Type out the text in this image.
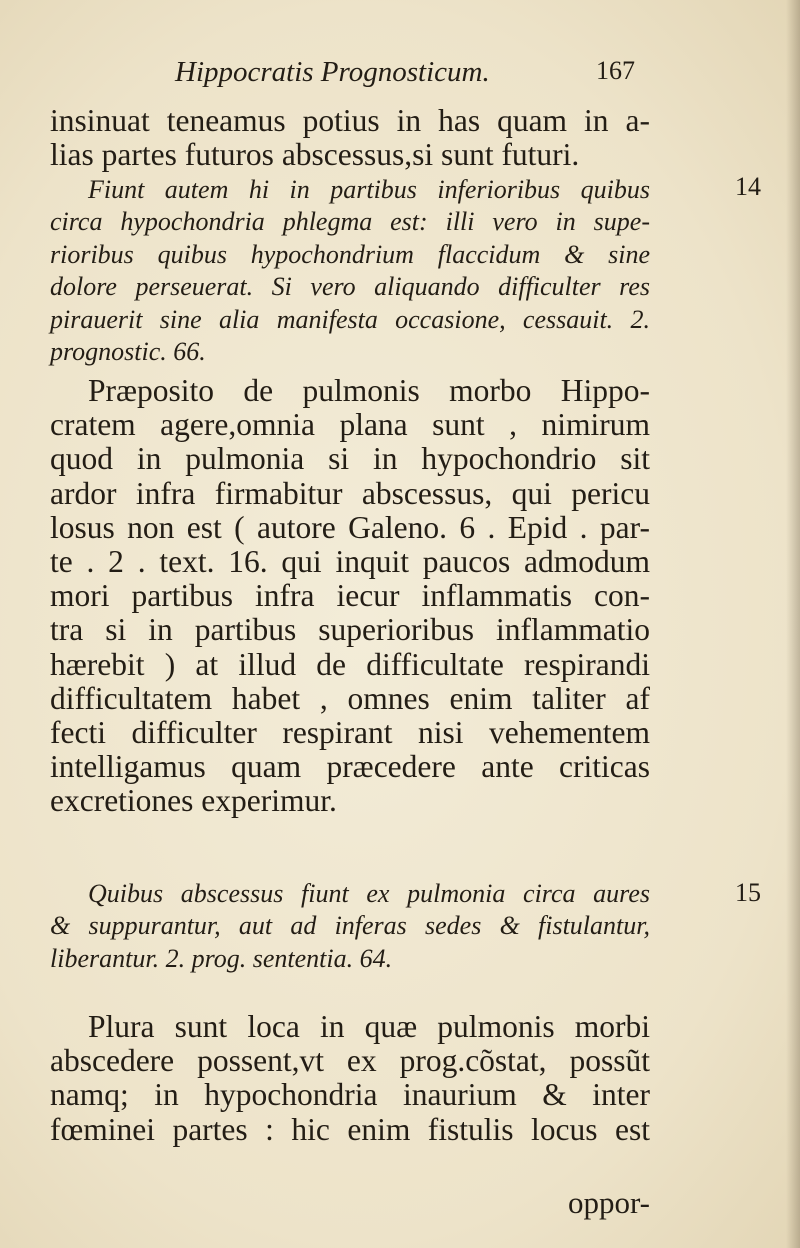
Hippocratis Prognosticum.	167
insinuat teneamus potius in has quam in a-
lias partes futuros abscessus,si sunt futuri.
Fiunt autem hi in partibus inferioribus quibus
circa hypochondria phlegma est: illi vero in supe-
rioribus quibus hypochondrium flaccidum & sine
dolore perseuerat. Si vero aliquando difficulter res
pirauerit sine alia manifesta occasione, cessauit. 2.
prognostic. 66.
14
Præposito de pulmonis morbo Hippo-
cratem agere,omnia plana sunt , nimirum
quod in pulmonia si in hypochondrio sit
ardor infra firmabitur abscessus, qui pericu
losus non est ( autore Galeno. 6 . Epid . par-
te . 2 . text. 16. qui inquit paucos admodum
mori partibus infra iecur inflammatis con-
tra si in partibus superioribus inflammatio
hærebit ) at illud de difficultate respirandi
difficultatem habet , omnes enim taliter af
fecti difficulter respirant nisi vehementem
intelligamus quam præcedere ante criticas
excretiones experimur.
Quibus abscessus fiunt ex pulmonia circa aures
& suppurantur, aut ad inferas sedes & fistulantur,
liberantur. 2. prog. sententia. 64.
15
Plura sunt loca in quæ pulmonis morbi
abscedere possent,vt ex prog.cõstat, possũt
namq; in hypochondria inaurium & inter
fœminei partes : hic enim fistulis locus est
oppor-
